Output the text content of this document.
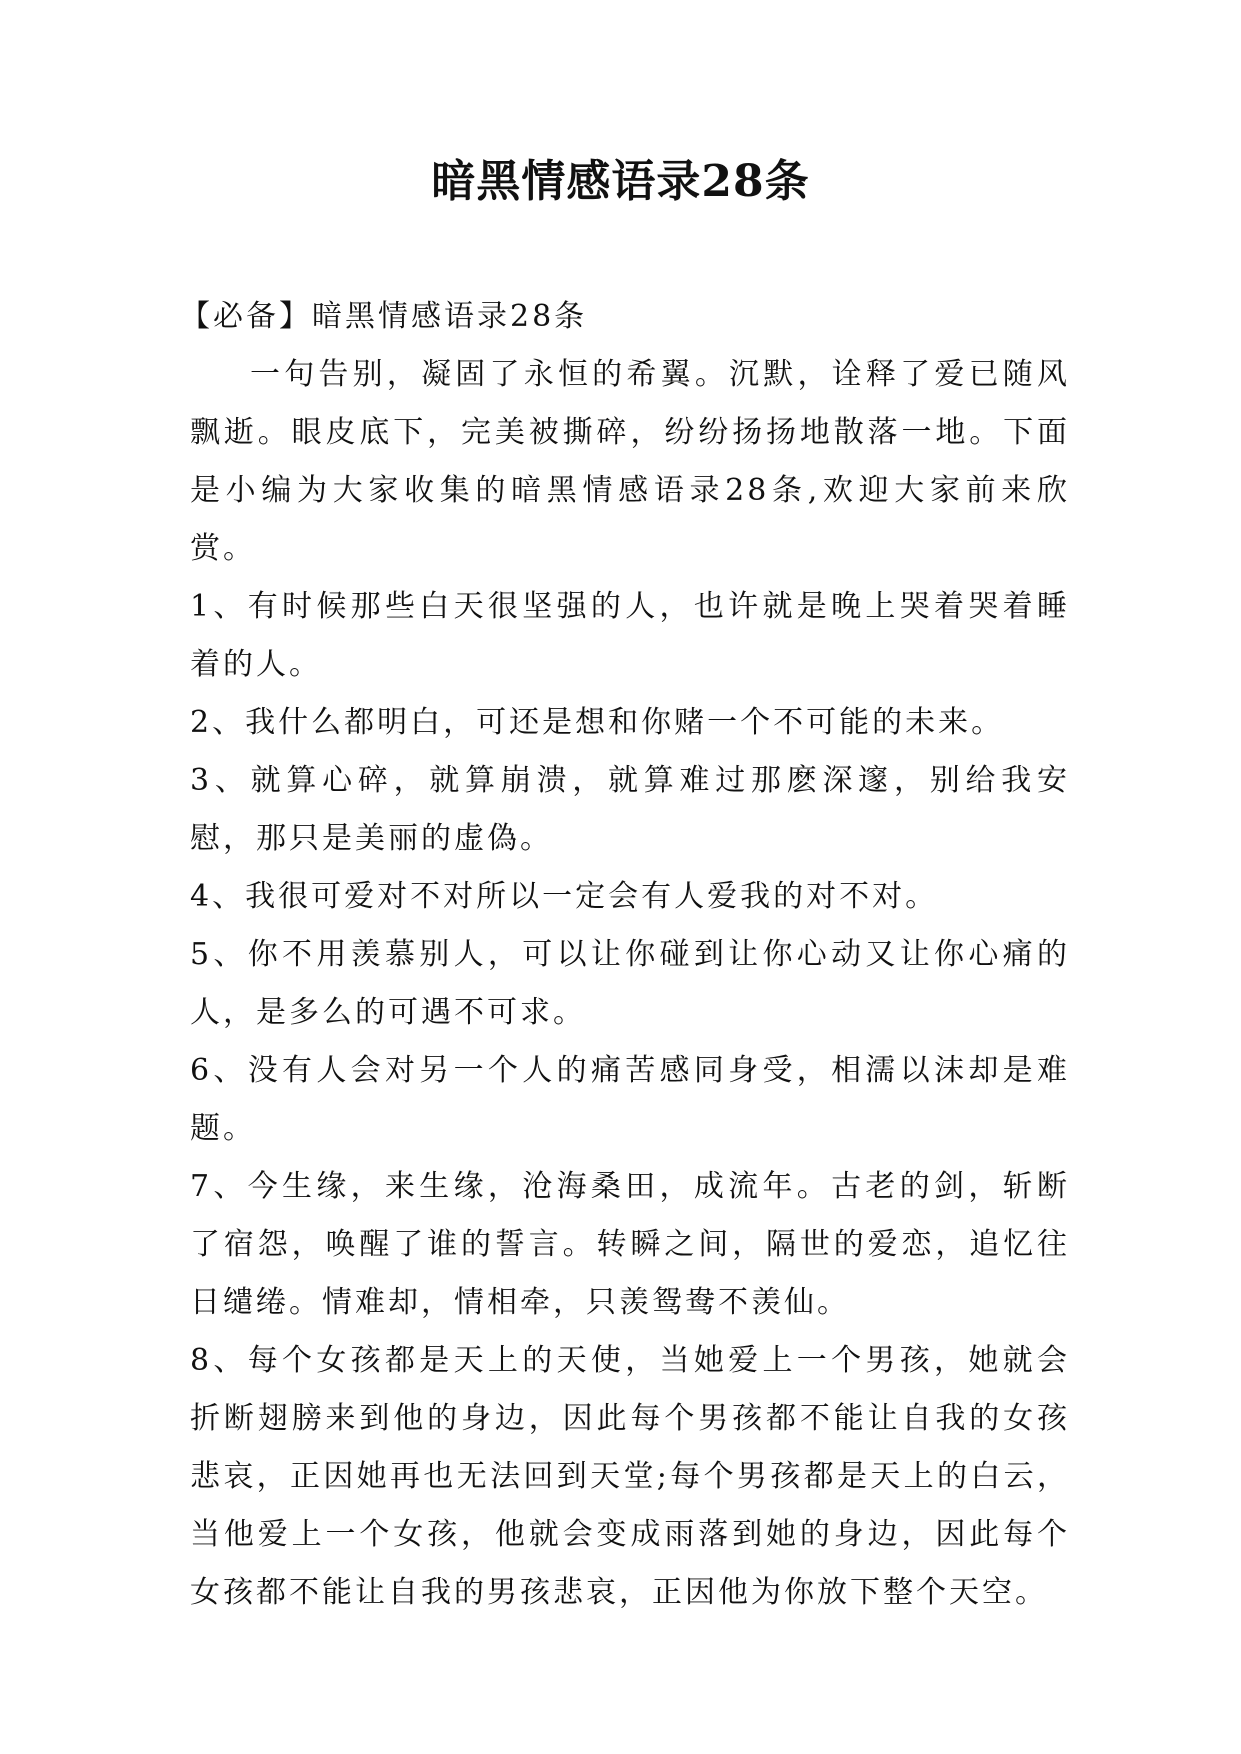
暗黑情感语录28条

【必备】暗黑情感语录28条

一句告别，凝固了永恒的希翼。沉默，诠释了爱已随风飘逝。眼皮底下，完美被撕碎，纷纷扬扬地散落一地。下面是小编为大家收集的暗黑情感语录28条,欢迎大家前来欣赏。

1、有时候那些白天很坚强的人，也许就是晚上哭着哭着睡着的人。

2、我什么都明白，可还是想和你赌一个不可能的未来。

3、就算心碎，就算崩溃，就算难过那麽深邃，别给我安慰，那只是美丽的虚偽。

4、我很可爱对不对所以一定会有人爱我的对不对。

5、你不用羡慕别人，可以让你碰到让你心动又让你心痛的人，是多么的可遇不可求。

6、没有人会对另一个人的痛苦感同身受，相濡以沫却是难题。

7、今生缘，来生缘，沧海桑田，成流年。古老的剑，斩断了宿怨，唤醒了谁的誓言。转瞬之间，隔世的爱恋，追忆往日缱绻。情难却，情相牵，只羡鸳鸯不羡仙。

8、每个女孩都是天上的天使，当她爱上一个男孩，她就会折断翅膀来到他的身边，因此每个男孩都不能让自我的女孩悲哀，正因她再也无法回到天堂;每个男孩都是天上的白云，当他爱上一个女孩，他就会变成雨落到她的身边，因此每个女孩都不能让自我的男孩悲哀，正因他为你放下整个天空。
